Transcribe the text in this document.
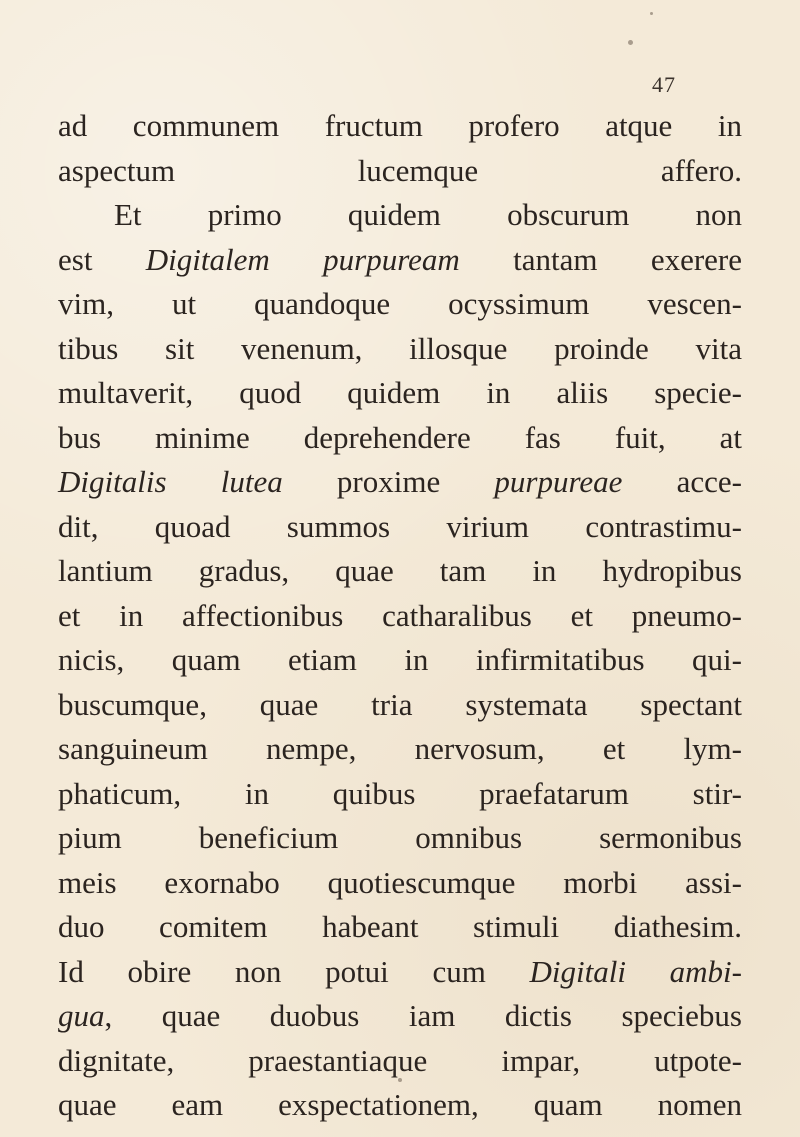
47
ad communem fructum profero atque in
aspectum lucemque affero.
Et primo quidem obscurum non
est Digitalem purpuream tantam exerere
vim, ut quandoque ocyssimum vescen-
tibus sit venenum, illosque proinde vita
multaverit, quod quidem in aliis specie-
bus minime deprehendere fas fuit, at
Digitalis lutea proxime purpureae acce-
dit, quoad summos virium contrastimu-
lantium gradus, quae tam in hydropibus
et in affectionibus catharalibus et pneumo-
nicis, quam etiam in infirmitatibus qui-
buscumque, quae tria systemata spectant
sanguineum nempe, nervosum, et lym-
phaticum, in quibus praefatarum stir-
pium beneficium omnibus sermonibus
meis exornabo quotiescumque morbi assi-
duo comitem habeant stimuli diathesim.
Id obire non potui cum Digitali ambi-
gua, quae duobus iam dictis speciebus
dignitate, praestantiaque impar, utpote-
quae eam exspectationem, quam nomen
